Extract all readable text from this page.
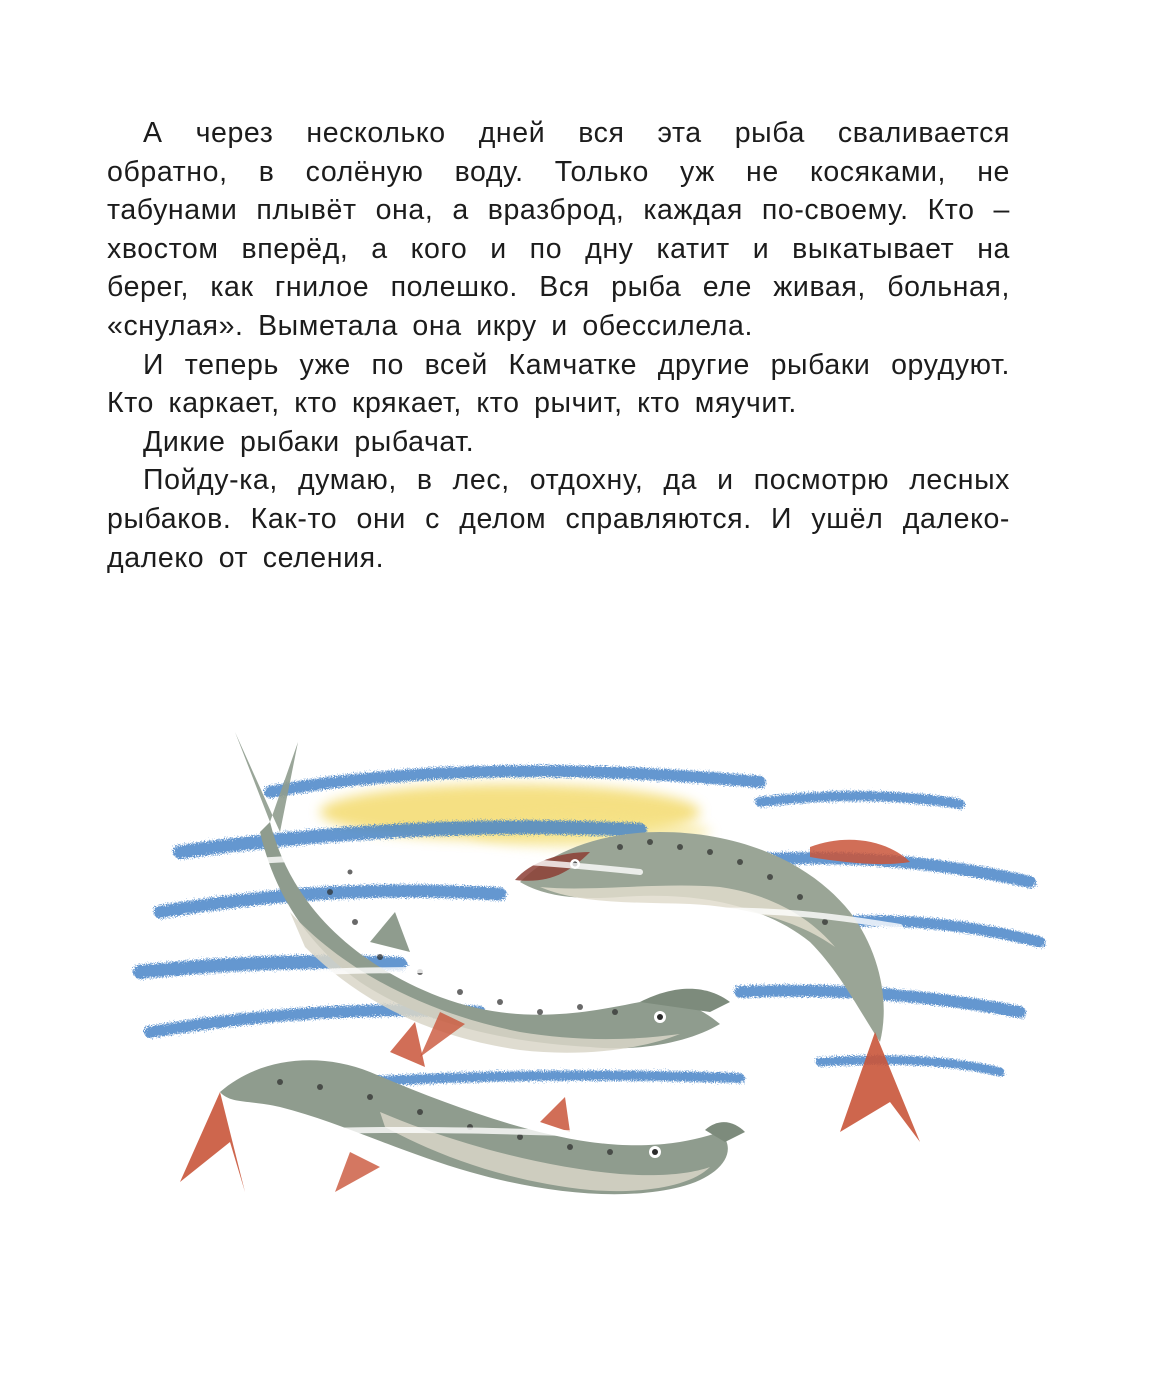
А через несколько дней вся эта рыба сваливается обратно, в солёную воду. Только уж не косяками, не табунами плывёт она, а вразброд, каждая по-своему. Кто – хвостом вперёд, а кого и по дну катит и выкатывает на берег, как гнилое полешко. Вся рыба еле живая, больная, «снулая». Выметала она икру и обессилела.

И теперь уже по всей Камчатке другие рыбаки орудуют. Кто каркает, кто крякает, кто рычит, кто мяучит.

Дикие рыбаки рыбачат.

Пойду-ка, думаю, в лес, отдохну, да и посмотрю лесных рыбаков. Как-то они с делом справляются. И ушёл далеко-далеко от селения.
